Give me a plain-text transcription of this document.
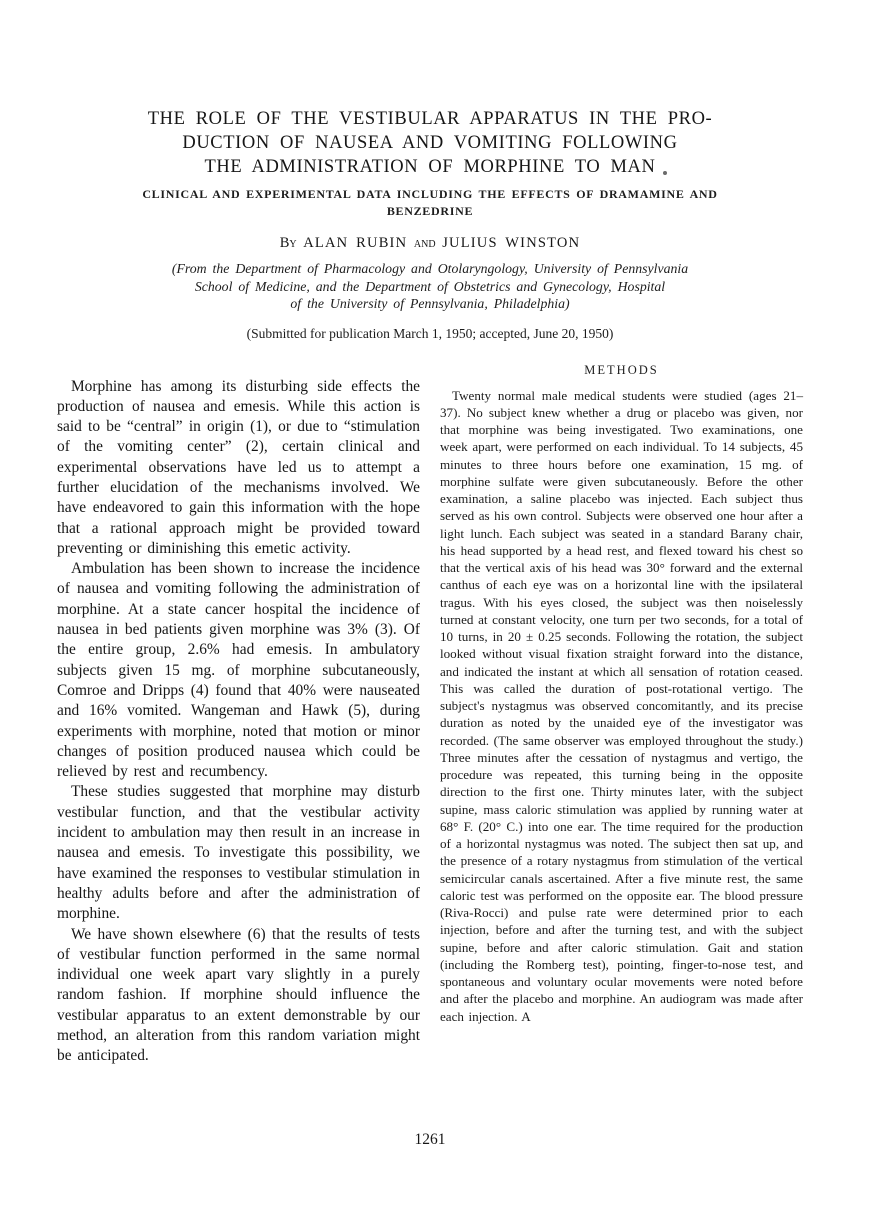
THE ROLE OF THE VESTIBULAR APPARATUS IN THE PRO-
DUCTION OF NAUSEA AND VOMITING FOLLOWING
THE ADMINISTRATION OF MORPHINE TO MAN
CLINICAL AND EXPERIMENTAL DATA INCLUDING THE EFFECTS OF DRAMAMINE AND
BENZEDRINE
By ALAN RUBIN and JULIUS WINSTON
(From the Department of Pharmacology and Otolaryngology, University of Pennsylvania
School of Medicine, and the Department of Obstetrics and Gynecology, Hospital
of the University of Pennsylvania, Philadelphia)
(Submitted for publication March 1, 1950; accepted, June 20, 1950)

Morphine has among its disturbing side effects the production of nausea and emesis. While this action is said to be “central” in origin (1), or due to “stimulation of the vomiting center” (2), certain clinical and experimental observations have led us to attempt a further elucidation of the mechanisms involved. We have endeavored to gain this information with the hope that a rational approach might be provided toward preventing or diminishing this emetic activity.

Ambulation has been shown to increase the incidence of nausea and vomiting following the administration of morphine. At a state cancer hospital the incidence of nausea in bed patients given morphine was 3% (3). Of the entire group, 2.6% had emesis. In ambulatory subjects given 15 mg. of morphine subcutaneously, Comroe and Dripps (4) found that 40% were nauseated and 16% vomited. Wangeman and Hawk (5), during experiments with morphine, noted that motion or minor changes of position produced nausea which could be relieved by rest and recumbency.

These studies suggested that morphine may disturb vestibular function, and that the vestibular activity incident to ambulation may then result in an increase in nausea and emesis. To investigate this possibility, we have examined the responses to vestibular stimulation in healthy adults before and after the administration of morphine.

We have shown elsewhere (6) that the results of tests of vestibular function performed in the same normal individual one week apart vary slightly in a purely random fashion. If morphine should influence the vestibular apparatus to an extent demonstrable by our method, an alteration from this random variation might be anticipated.

METHODS

Twenty normal male medical students were studied (ages 21–37). No subject knew whether a drug or placebo was given, nor that morphine was being investigated. Two examinations, one week apart, were performed on each individual. To 14 subjects, 45 minutes to three hours before one examination, 15 mg. of morphine sulfate were given subcutaneously. Before the other examination, a saline placebo was injected. Each subject thus served as his own control. Subjects were observed one hour after a light lunch. Each subject was seated in a standard Barany chair, his head supported by a head rest, and flexed toward his chest so that the vertical axis of his head was 30° forward and the external canthus of each eye was on a horizontal line with the ipsilateral tragus. With his eyes closed, the subject was then noiselessly turned at constant velocity, one turn per two seconds, for a total of 10 turns, in 20 ± 0.25 seconds. Following the rotation, the subject looked without visual fixation straight forward into the distance, and indicated the instant at which all sensation of rotation ceased. This was called the duration of post-rotational vertigo. The subject's nystagmus was observed concomitantly, and its precise duration as noted by the unaided eye of the investigator was recorded. (The same observer was employed throughout the study.) Three minutes after the cessation of nystagmus and vertigo, the procedure was repeated, this turning being in the opposite direction to the first one. Thirty minutes later, with the subject supine, mass caloric stimulation was applied by running water at 68° F. (20° C.) into one ear. The time required for the production of a horizontal nystagmus was noted. The subject then sat up, and the presence of a rotary nystagmus from stimulation of the vertical semicircular canals ascertained. After a five minute rest, the same caloric test was performed on the opposite ear. The blood pressure (Riva-Rocci) and pulse rate were determined prior to each injection, before and after the turning test, and with the subject supine, before and after caloric stimulation. Gait and station (including the Romberg test), pointing, finger-to-nose test, and spontaneous and voluntary ocular movements were noted before and after the placebo and morphine. An audiogram was made after each injection. A

1261
